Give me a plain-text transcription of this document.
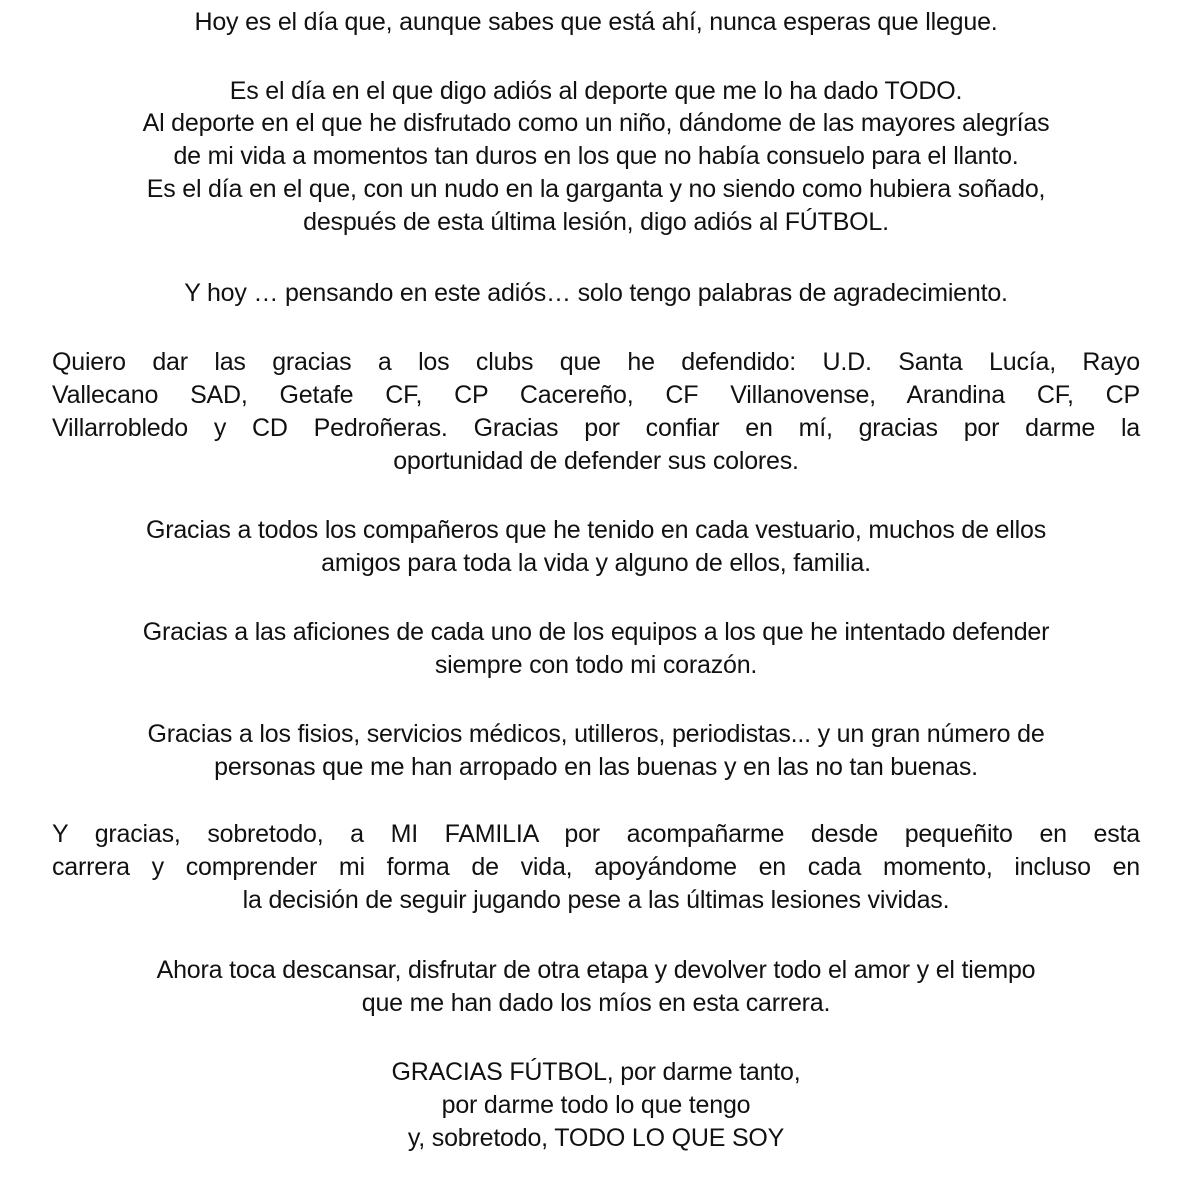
Hoy es el día que, aunque sabes que está ahí, nunca esperas que llegue.
Es el día en el que digo adiós al deporte que me lo ha dado TODO.
Al deporte en el que he disfrutado como un niño, dándome de las mayores alegrías
de mi vida a momentos tan duros en los que no había consuelo para el llanto.
Es el día en el que, con un nudo en la garganta y no siendo como hubiera soñado,
después de esta última lesión, digo adiós al FÚTBOL.
Y hoy … pensando en este adiós… solo tengo palabras de agradecimiento.
Quiero dar las gracias a los clubs que he defendido: U.D. Santa Lucía, Rayo
Vallecano SAD, Getafe CF, CP Cacereño, CF Villanovense, Arandina CF, CP
Villarrobledo y CD Pedroñeras. Gracias por confiar en mí, gracias por darme la
oportunidad de defender sus colores.
Gracias a todos los compañeros que he tenido en cada vestuario, muchos de ellos
amigos para toda la vida y alguno de ellos, familia.
Gracias a las aficiones de cada uno de los equipos a los que he intentado defender
siempre con todo mi corazón.
Gracias a los fisios, servicios médicos, utilleros, periodistas... y un gran número de
personas que me han arropado en las buenas y en las no tan buenas.
Y gracias, sobretodo, a MI FAMILIA por acompañarme desde pequeñito en esta
carrera y comprender mi forma de vida, apoyándome en cada momento, incluso en
la decisión de seguir jugando pese a las últimas lesiones vividas.
Ahora toca descansar, disfrutar de otra etapa y devolver todo el amor y el tiempo
que me han dado los míos en esta carrera.
GRACIAS FÚTBOL, por darme tanto,
por darme todo lo que tengo
y, sobretodo, TODO LO QUE SOY
